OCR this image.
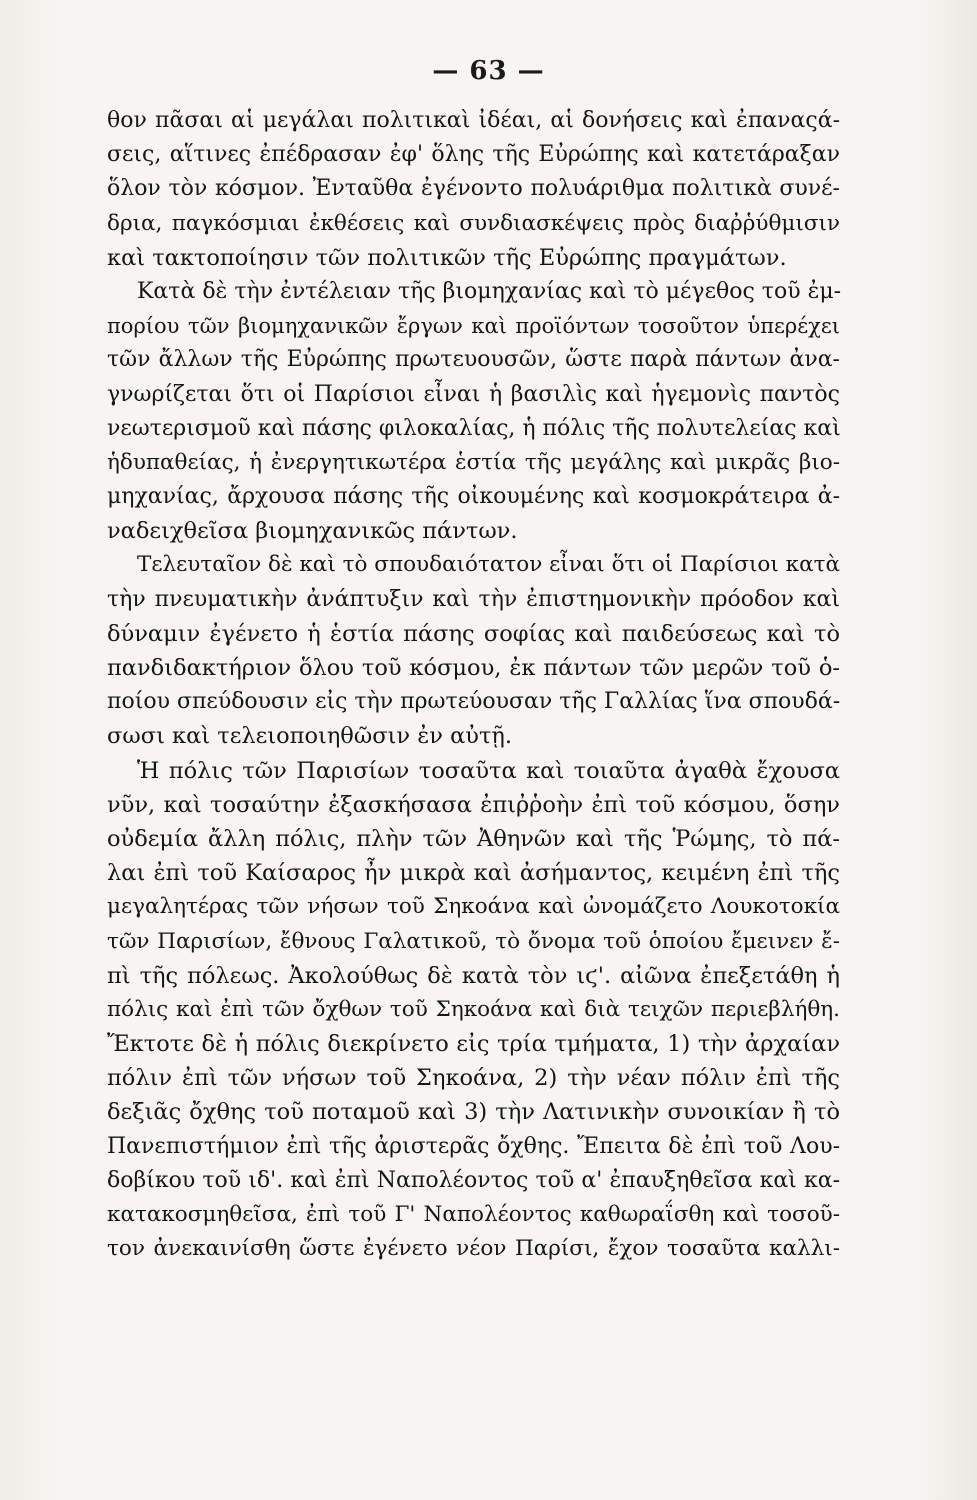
— 63 —
θον πᾶσαι αἱ μεγάλαι πολιτικαὶ ἰδέαι, αἱ δονήσεις καὶ ἐπαναςά-
σεις, αἵτινες ἐπέδρασαν ἐφ' ὅλης τῆς Εὐρώπης καὶ κατετάραξαν
ὅλον τὸν κόσμον. Ἐνταῦθα ἐγένοντο πολυάριθμα πολιτικὰ συνέ-
δρια, παγκόσμιαι ἐκθέσεις καὶ συνδιασκέψεις πρὸς διαῤῥύθμισιν
καὶ τακτοποίησιν τῶν πολιτικῶν τῆς Εὐρώπης πραγμάτων.
Κατὰ δὲ τὴν ἐντέλειαν τῆς βιομηχανίας καὶ τὸ μέγεθος τοῦ ἐμ-
πορίου τῶν βιομηχανικῶν ἔργων καὶ προϊόντων τοσοῦτον ὑπερέχει
τῶν ἄλλων τῆς Εὐρώπης πρωτευουσῶν, ὥστε παρὰ πάντων ἀνα-
γνωρίζεται ὅτι οἱ Παρίσιοι εἶναι ἡ βασιλὶς καὶ ἡγεμονὶς παντὸς
νεωτερισμοῦ καὶ πάσης φιλοκαλίας, ἡ πόλις τῆς πολυτελείας καὶ
ἡδυπαθείας, ἡ ἐνεργητικωτέρα ἑστία τῆς μεγάλης καὶ μικρᾶς βιο-
μηχανίας, ἄρχουσα πάσης τῆς οἰκουμένης καὶ κοσμοκράτειρα ἀ-
ναδειχθεῖσα βιομηχανικῶς πάντων.
Τελευταῖον δὲ καὶ τὸ σπουδαιότατον εἶναι ὅτι οἱ Παρίσιοι κατὰ
τὴν πνευματικὴν ἀνάπτυξιν καὶ τὴν ἐπιστημονικὴν πρόοδον καὶ
δύναμιν ἐγένετο ἡ ἑστία πάσης σοφίας καὶ παιδεύσεως καὶ τὸ
πανδιδακτήριον ὅλου τοῦ κόσμου, ἐκ πάντων τῶν μερῶν τοῦ ὁ-
ποίου σπεύδουσιν εἰς τὴν πρωτεύουσαν τῆς Γαλλίας ἵνα σπουδά-
σωσι καὶ τελειοποιηθῶσιν ἐν αὐτῇ.
Ἡ πόλις τῶν Παρισίων τοσαῦτα καὶ τοιαῦτα ἀγαθὰ ἔχουσα
νῦν, καὶ τοσαύτην ἐξασκήσασα ἐπιῤῥοὴν ἐπὶ τοῦ κόσμου, ὅσην
οὐδεμία ἄλλη πόλις, πλὴν τῶν Ἀθηνῶν καὶ τῆς Ῥώμης, τὸ πά-
λαι ἐπὶ τοῦ Καίσαρος ἦν μικρὰ καὶ ἀσήμαντος, κειμένη ἐπὶ τῆς
μεγαλητέρας τῶν νήσων τοῦ Σηκοάνα καὶ ὠνομάζετο Λουκοτοκία
τῶν Παρισίων, ἔθνους Γαλατικοῦ, τὸ ὄνομα τοῦ ὁποίου ἔμεινεν ἔ-
πὶ τῆς πόλεως. Ἀκολούθως δὲ κατὰ τὸν ιϛ'. αἰῶνα ἐπεξετάθη ἡ
πόλις καὶ ἐπὶ τῶν ὄχθων τοῦ Σηκοάνα καὶ διὰ τειχῶν περιεβλήθη.
Ἔκτοτε δὲ ἡ πόλις διεκρίνετο εἰς τρία τμήματα, 1) τὴν ἀρχαίαν
πόλιν ἐπὶ τῶν νήσων τοῦ Σηκοάνα, 2) τὴν νέαν πόλιν ἐπὶ τῆς
δεξιᾶς ὄχθης τοῦ ποταμοῦ καὶ 3) τὴν Λατινικὴν συνοικίαν ἢ τὸ
Πανεπιστήμιον ἐπὶ τῆς ἀριστερᾶς ὄχθης. Ἔπειτα δὲ ἐπὶ τοῦ Λου-
δοβίκου τοῦ ιδ'. καὶ ἐπὶ Ναπολέοντος τοῦ α' ἐπαυξηθεῖσα καὶ κα-
κατακοσμηθεῖσα, ἐπὶ τοῦ Γ' Ναπολέοντος καθωραΐσθη καὶ τοσοῦ-
τον ἀνεκαινίσθη ὥστε ἐγένετο νέον Παρίσι, ἔχον τοσαῦτα καλλι-
